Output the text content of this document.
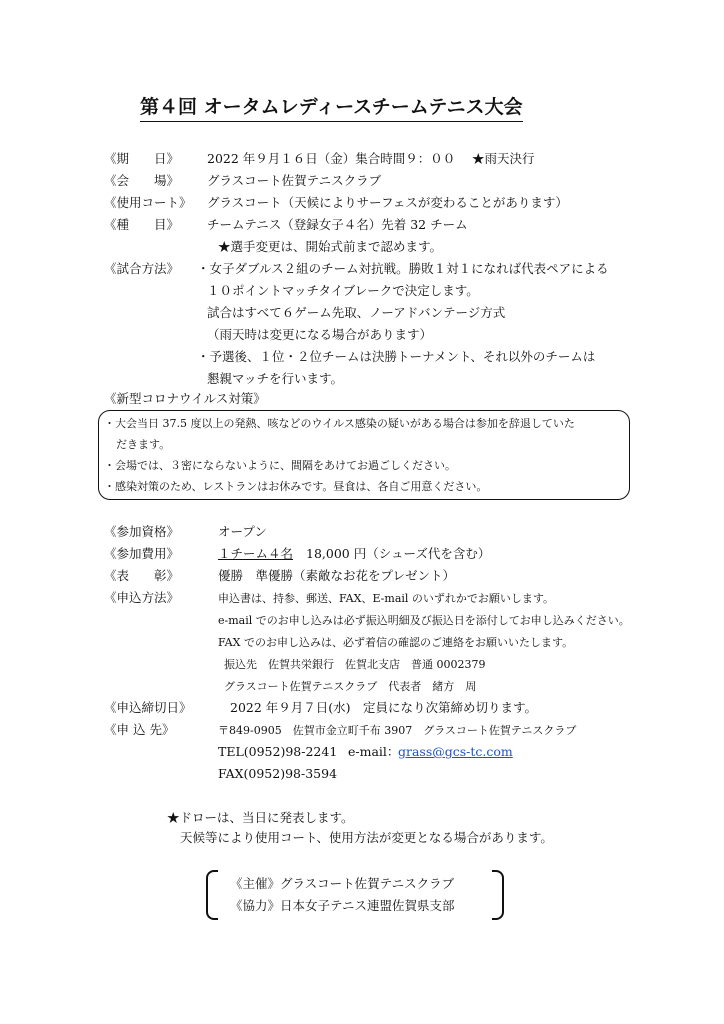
第４回 オータムレディースチームテニス大会
《期　　日》 2022 年９月１６日（金）集合時間９：００ ★雨天決行
《会　　場》 グラスコート佐賀テニスクラブ
《使用コート》 グラスコート（天候によりサーフェスが変わることがあります）
《種　　目》 チームテニス（登録女子４名）先着 32 チーム
★選手変更は、開始式前まで認めます。
《試合方法》 ・女子ダブルス２組のチーム対抗戦。勝敗１対１になれば代表ペアによる
１０ポイントマッチタイブレークで決定します。
試合はすべて６ゲーム先取、ノーアドバンテージ方式
（雨天時は変更になる場合があります）
・予選後、１位・２位チームは決勝トーナメント、それ以外のチームは
懇親マッチを行います。
《新型コロナウイルス対策》
・大会当日 37.5 度以上の発熱、咳などのウイルス感染の疑いがある場合は参加を辞退していた
だきます。
・会場では、３密にならないように、間隔をあけてお過ごしください。
・感染対策のため、レストランはお休みです。昼食は、各自ご用意ください。
《参加資格》	オープン
《参加費用》	１チーム４名 18,000 円（シューズ代を含む）
《表　　彰》	優勝　準優勝（素敵なお花をプレゼント）
《申込方法》	申込書は、持参、郵送、FAX、E-mail のいずれかでお願いします。
e-mail でのお申し込みは必ず振込明細及び振込日を添付してお申し込みください。
FAX でのお申し込みは、必ず着信の確認のご連絡をお願いいたします。
振込先　佐賀共栄銀行　佐賀北支店　普通 0002379
グラスコート佐賀テニスクラブ　代表者　緒方　周
《申込締切日》	2022 年９月７日(水)　定員になり次第締め切ります。
《申 込 先》	〒849-0905　佐賀市金立町千布 3907　グラスコート佐賀テニスクラブ
TEL(0952)98-2241 e-mail：
grass@gcs-tc.com
FAX(0952)98-3594
★ドローは、当日に発表します。
天候等により使用コート、使用方法が変更となる場合があります。
《主催》グラスコート佐賀テニスクラブ
《協力》日本女子テニス連盟佐賀県支部
